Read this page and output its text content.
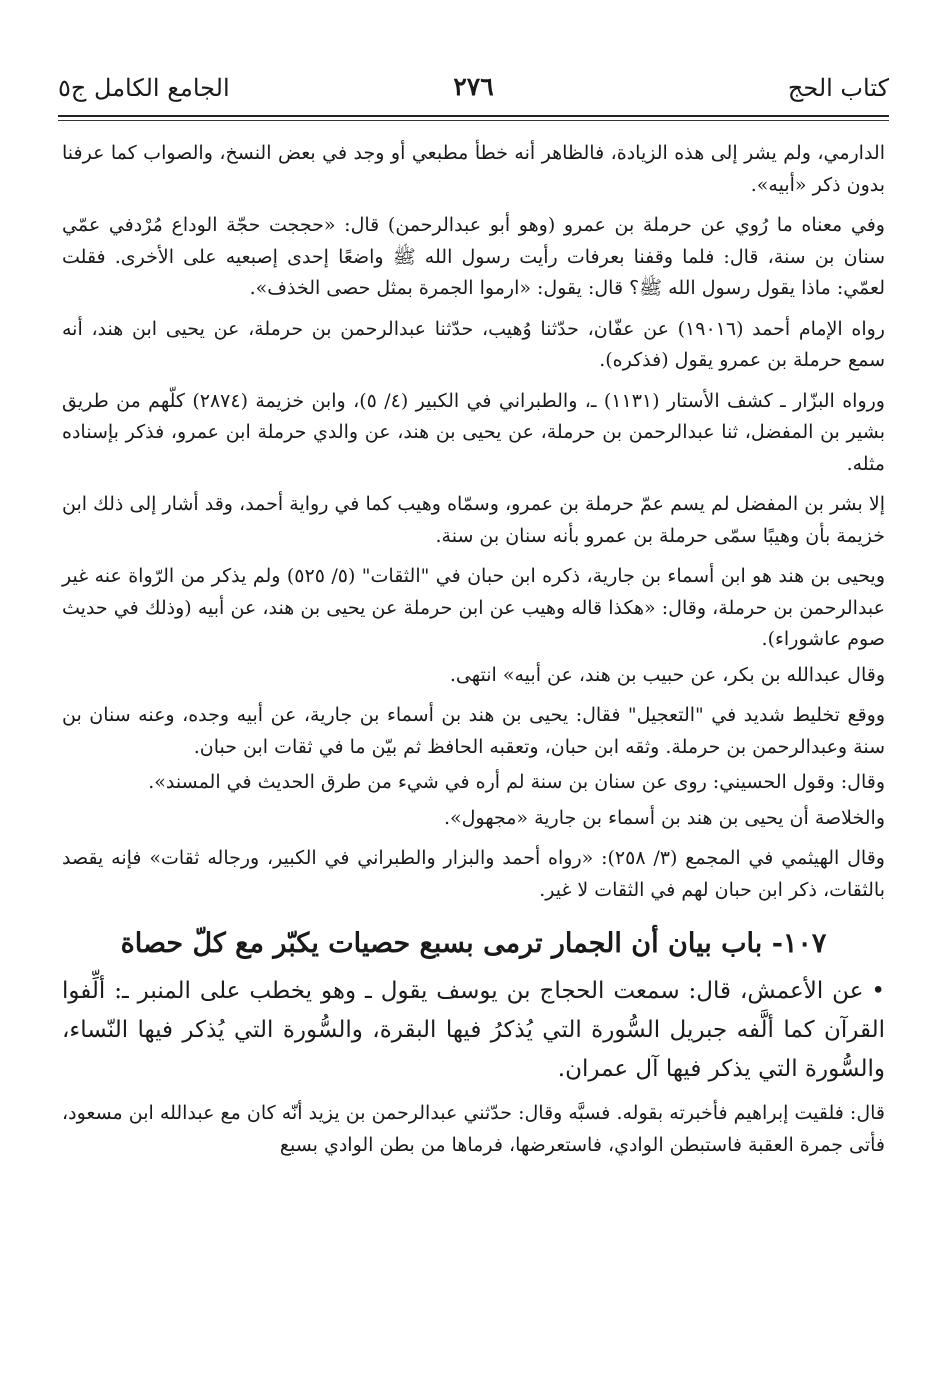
كتاب الحج
٢٧٦
الجامع الكامل ج٥

الدارمي، ولم يشر إلى هذه الزيادة، فالظاهر أنه خطأ مطبعي أو وجد في بعض النسخ، والصواب كما عرفنا بدون ذكر «أبيه».

وفي معناه ما رُوي عن حرملة بن عمرو (وهو أبو عبدالرحمن) قال: «حججت حجّة الوداع مُرْدفي عمّي سنان بن سنة، قال: فلما وقفنا بعرفات رأيت رسول الله ﷺ واضعًا إحدى إصبعيه على الأخرى. فقلت لعمّي: ماذا يقول رسول الله ﷺ؟ قال: يقول: «ارموا الجمرة بمثل حصى الخذف».

رواه الإمام أحمد (١٩٠١٦) عن عفّان، حدّثنا وُهيب، حدّثنا عبدالرحمن بن حرملة، عن يحيى ابن هند، أنه سمع حرملة بن عمرو يقول (فذكره).

ورواه البزّار ـ كشف الأستار (١١٣١) ـ، والطبراني في الكبير (٤/ ٥)، وابن خزيمة (٢٨٧٤) كلّهم من طريق بشير بن المفضل، ثنا عبدالرحمن بن حرملة، عن يحيى بن هند، عن والدي حرملة ابن عمرو، فذكر بإسناده مثله.

إلا بشر بن المفضل لم يسم عمّ حرملة بن عمرو، وسمّاه وهيب كما في رواية أحمد، وقد أشار إلى ذلك ابن خزيمة بأن وهيبًا سمّى حرملة بن عمرو بأنه سنان بن سنة.

ويحيى بن هند هو ابن أسماء بن جارية، ذكره ابن حبان في "الثقات" (٥/ ٥٢٥) ولم يذكر من الرّواة عنه غير عبدالرحمن بن حرملة، وقال: «هكذا قاله وهيب عن ابن حرملة عن يحيى بن هند، عن أبيه (وذلك في حديث صوم عاشوراء).

وقال عبدالله بن بكر، عن حبيب بن هند، عن أبيه» انتهى.

ووقع تخليط شديد في "التعجيل" فقال: يحيى بن هند بن أسماء بن جارية، عن أبيه وجده، وعنه سنان بن سنة وعبدالرحمن بن حرملة. وثقه ابن حبان، وتعقبه الحافظ ثم بيّن ما في ثقات ابن حبان.

وقال: وقول الحسيني: روى عن سنان بن سنة لم أره في شيء من طرق الحديث في المسند».

والخلاصة أن يحيى بن هند بن أسماء بن جارية «مجهول».

وقال الهيثمي في المجمع (٣/ ٢٥٨): «رواه أحمد والبزار والطبراني في الكبير، ورجاله ثقات» فإنه يقصد بالثقات، ذكر ابن حبان لهم في الثقات لا غير.

١٠٧- باب بيان أن الجمار ترمى بسبع حصيات يكبّر مع كلّ حصاة

•عن الأعمش، قال: سمعت الحجاج بن يوسف يقول ـ وهو يخطب على المنبر ـ: ألِّفوا القرآن كما ألَّفه جبريل السُّورة التي يُذكرُ فيها البقرة، والسُّورة التي يُذكر فيها النّساء، والسُّورة التي يذكر فيها آل عمران.

قال: فلقيت إبراهيم فأخبرته بقوله. فسبَّه وقال: حدّثني عبدالرحمن بن يزيد أنّه كان مع عبدالله ابن مسعود، فأتى جمرة العقبة فاستبطن الوادي، فاستعرضها، فرماها من بطن الوادي بسبع
